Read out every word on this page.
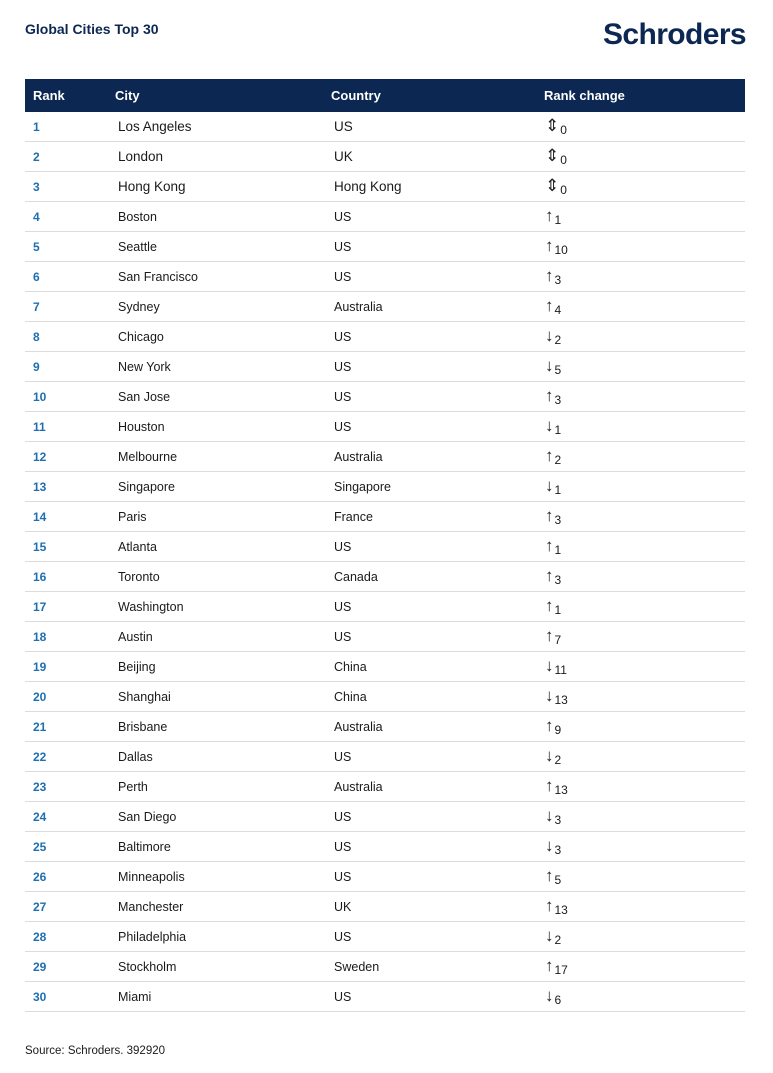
Global Cities Top 30	Schroders
Rank	City	Country	Rank change
1	Los Angeles	US	⇕0
2	London	UK	⇕0
3	Hong Kong	Hong Kong	⇕0
4	Boston	US	↑1
5	Seattle	US	↑10
6	San Francisco	US	↑3
7	Sydney	Australia	↑4
8	Chicago	US	↓2
9	New York	US	↓5
10	San Jose	US	↑3
11	Houston	US	↓1
12	Melbourne	Australia	↑2
13	Singapore	Singapore	↓1
14	Paris	France	↑3
15	Atlanta	US	↑1
16	Toronto	Canada	↑3
17	Washington	US	↑1
18	Austin	US	↑7
19	Beijing	China	↓11
20	Shanghai	China	↓13
21	Brisbane	Australia	↑9
22	Dallas	US	↓2
23	Perth	Australia	↑13
24	San Diego	US	↓3
25	Baltimore	US	↓3
26	Minneapolis	US	↑5
27	Manchester	UK	↑13
28	Philadelphia	US	↓2
29	Stockholm	Sweden	↑17
30	Miami	US	↓6
Source: Schroders. 392920
